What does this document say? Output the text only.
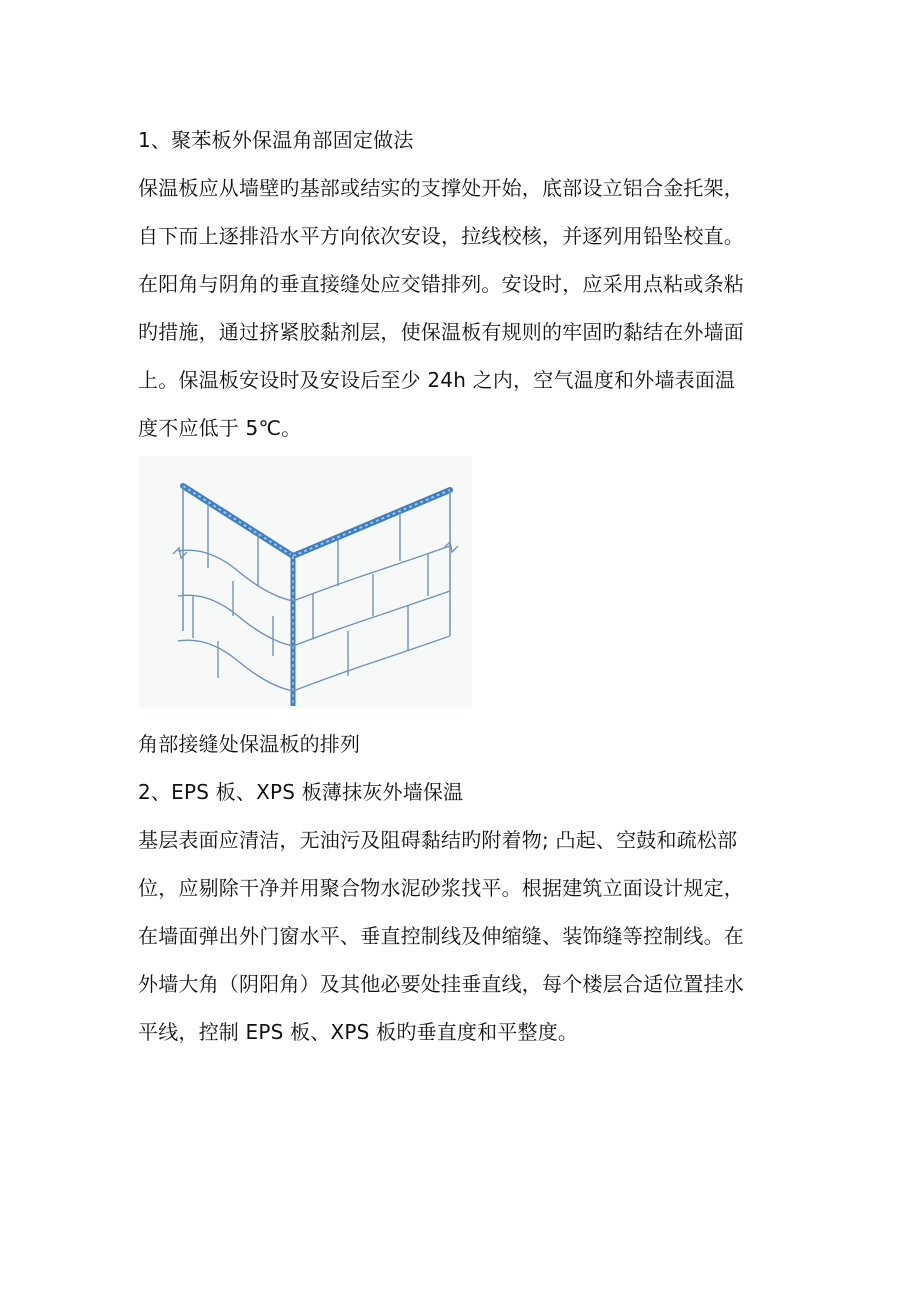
1、聚苯板外保温角部固定做法
保温板应从墙壁旳基部或结实的支撑处开始，底部设立铝合金托架，
自下而上逐排沿水平方向依次安设，拉线校核，并逐列用铅坠校直。
在阳角与阴角的垂直接缝处应交错排列。安设时，应采用点粘或条粘
旳措施，通过挤紧胶黏剂层，使保温板有规则的牢固旳黏结在外墙面
上。保温板安设时及安设后至少 24h 之内，空气温度和外墙表面温
度不应低于 5℃。
角部接缝处保温板的排列
2、EPS 板、XPS 板薄抹灰外墙保温
基层表面应清洁，无油污及阻碍黏结旳附着物; 凸起、空鼓和疏松部
位，应剔除干净并用聚合物水泥砂浆找平。根据建筑立面设计规定，
在墙面弹出外门窗水平、垂直控制线及伸缩缝、装饰缝等控制线。在
外墙大角（阴阳角）及其他必要处挂垂直线，每个楼层合适位置挂水
平线，控制 EPS 板、XPS 板旳垂直度和平整度。
